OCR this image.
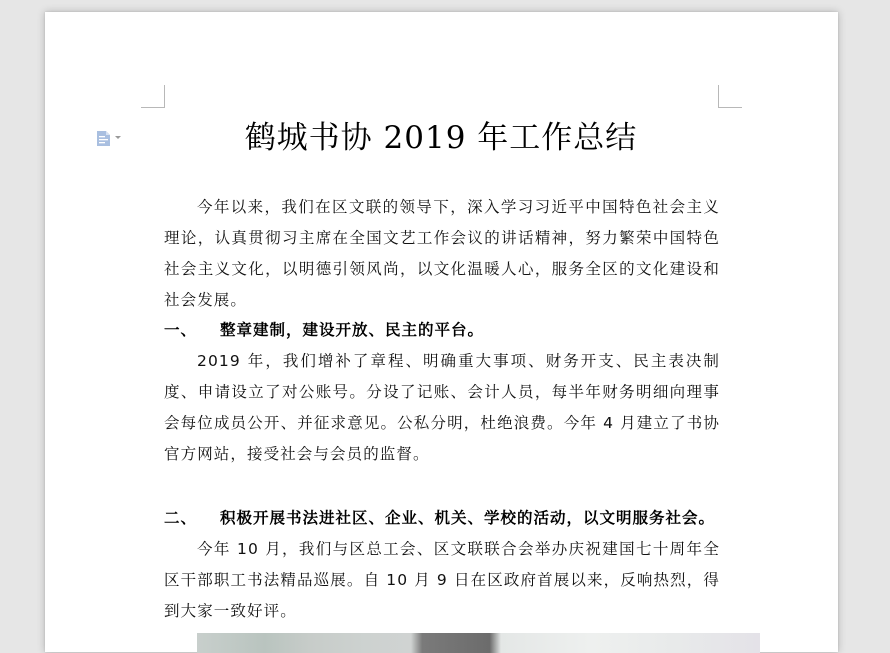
鹤城书协 2019 年工作总结

今年以来，我们在区文联的领导下，深入学习习近平中国特色社会主义理论，认真贯彻习主席在全国文艺工作会议的讲话精神，努力繁荣中国特色社会主义文化，以明德引领风尚，以文化温暖人心，服务全区的文化建设和社会发展。

一、	整章建制，建设开放、民主的平台。

2019 年，我们增补了章程、明确重大事项、财务开支、民主表决制度、申请设立了对公账号。分设了记账、会计人员，每半年财务明细向理事会每位成员公开、并征求意见。公私分明，杜绝浪费。今年 4 月建立了书协官方网站，接受社会与会员的监督。

二、	积极开展书法进社区、企业、机关、学校的活动，以文明服务社会。

今年 10 月，我们与区总工会、区文联联合会举办庆祝建国七十周年全区干部职工书法精品巡展。自 10 月 9 日在区政府首展以来，反响热烈，得到大家一致好评。
